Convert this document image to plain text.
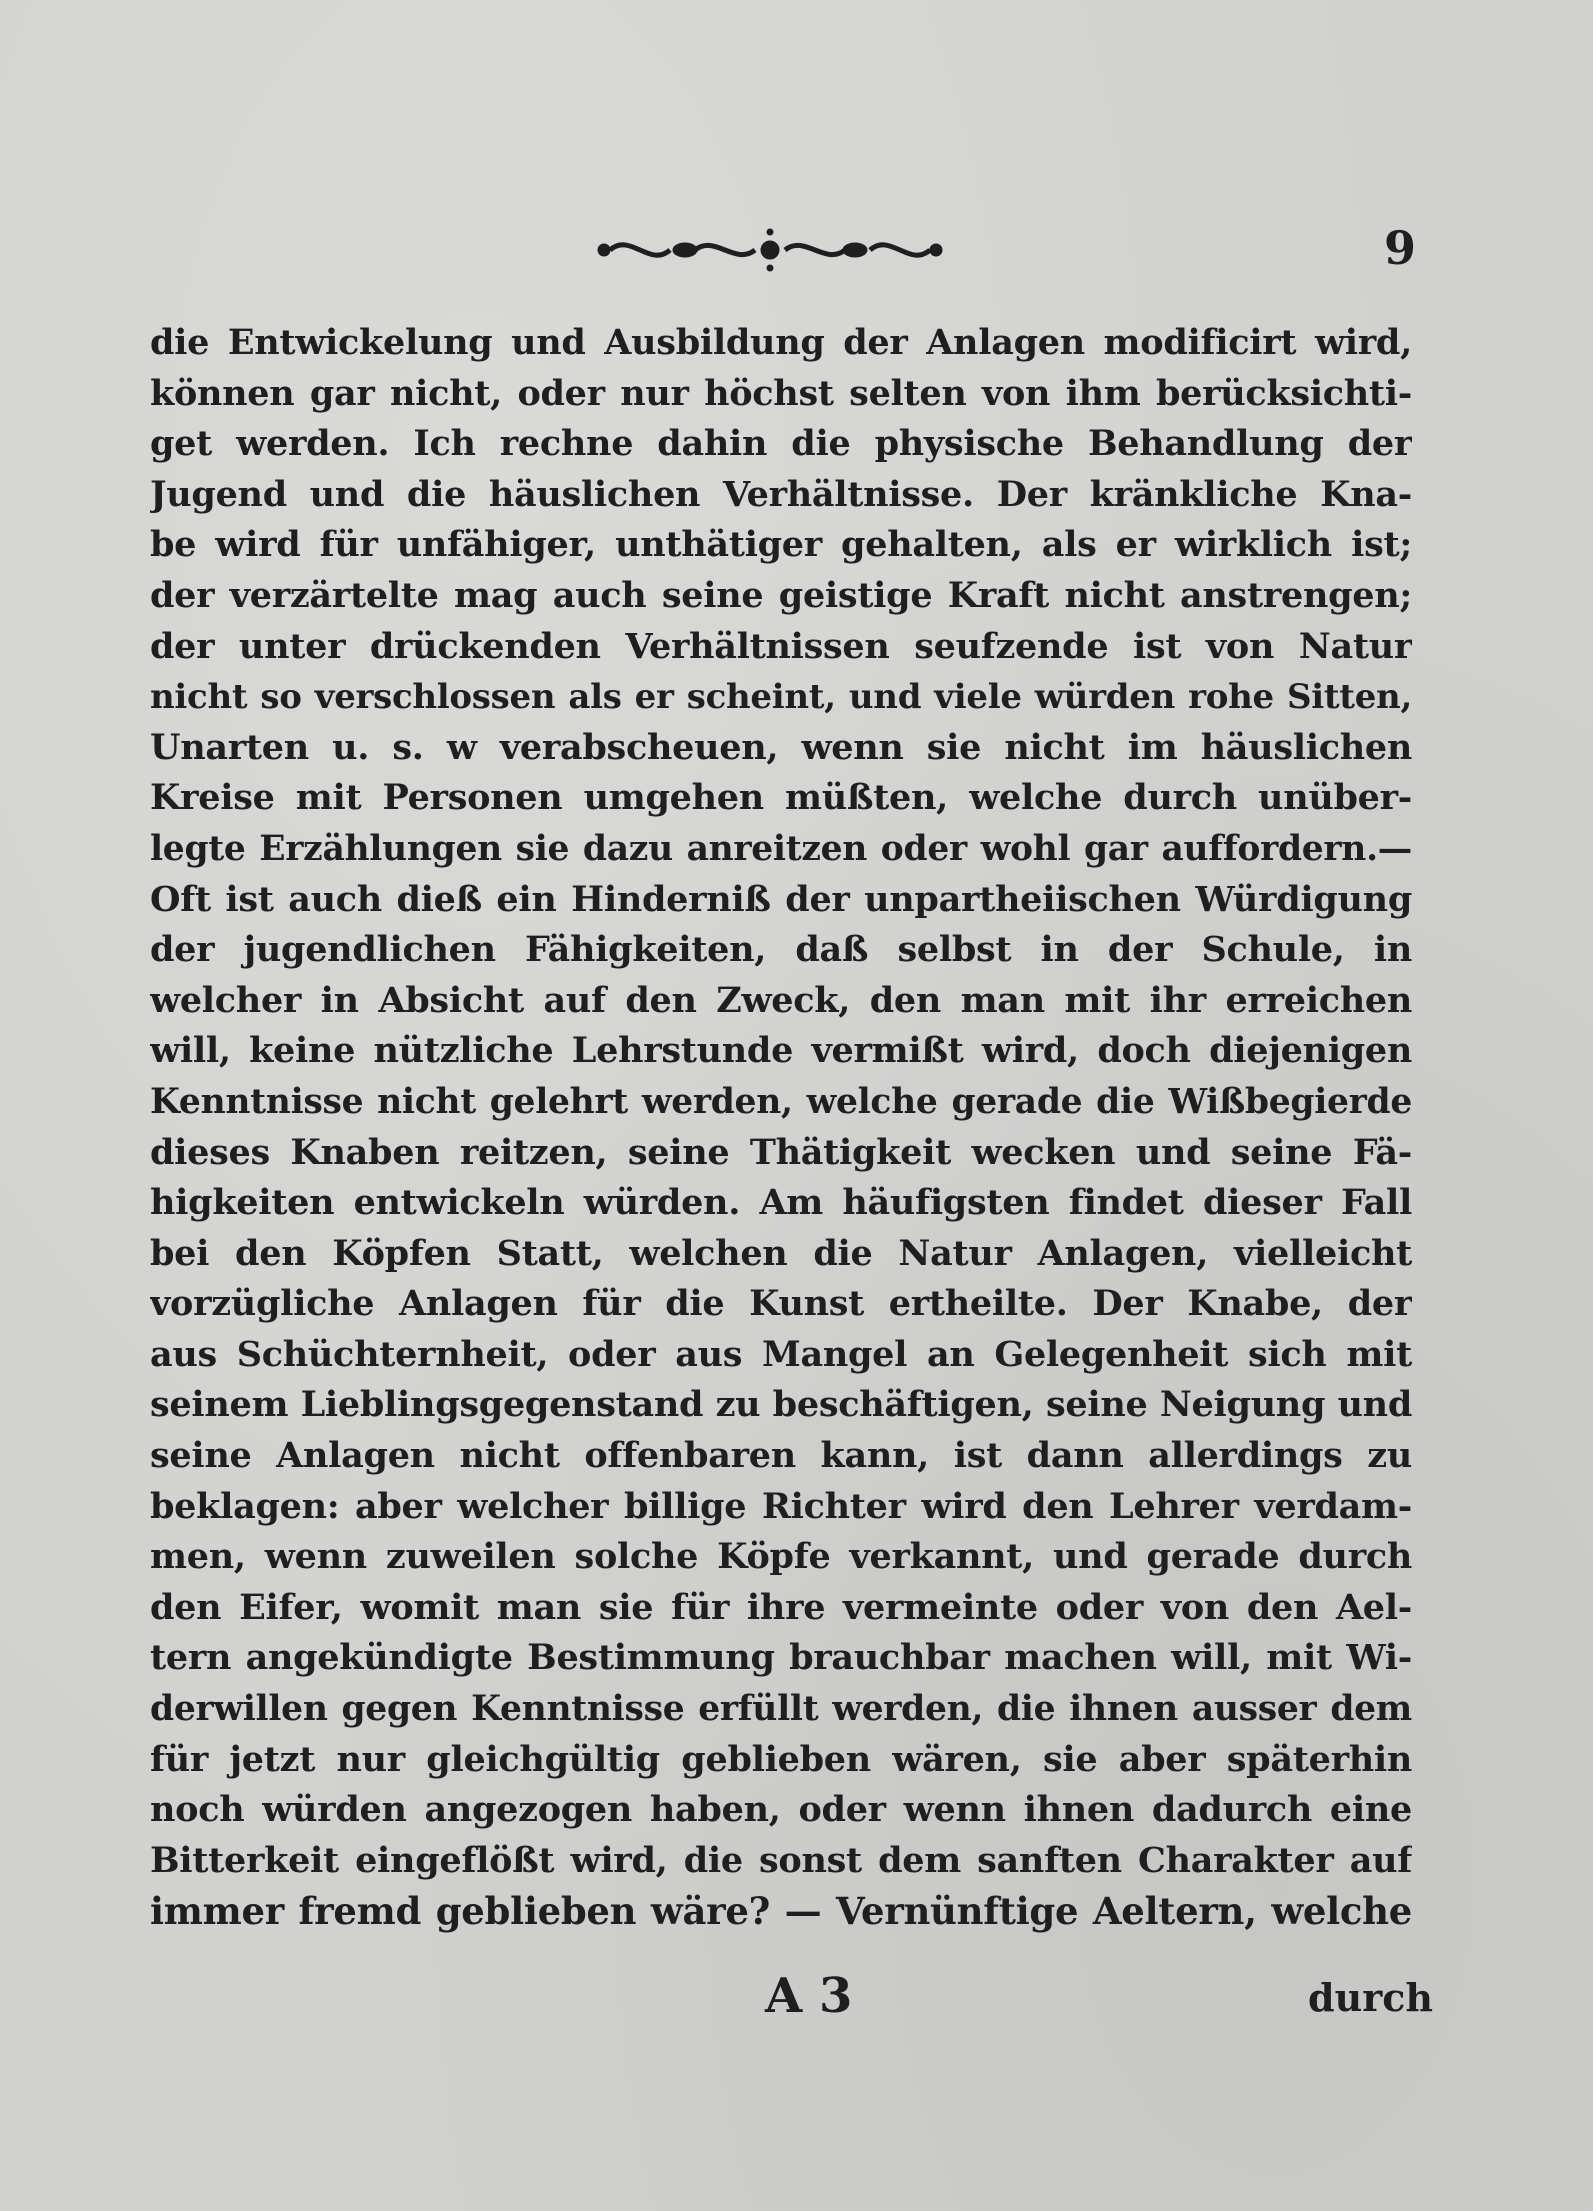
9
die Entwickelung und Ausbildung der Anlagen modificirt wird,
können gar nicht, oder nur höchst selten von ihm berücksichti-
get werden. Ich rechne dahin die physische Behandlung der
Jugend und die häuslichen Verhältnisse. Der kränkliche Kna-
be wird für unfähiger, unthätiger gehalten, als er wirklich ist;
der verzärtelte mag auch seine geistige Kraft nicht anstrengen;
der unter drückenden Verhältnissen seufzende ist von Natur
nicht so verschlossen als er scheint, und viele würden rohe Sitten,
Unarten u. s. w verabscheuen, wenn sie nicht im häuslichen
Kreise mit Personen umgehen müßten, welche durch unüber-
legte Erzählungen sie dazu anreitzen oder wohl gar auffordern.—
Oft ist auch dieß ein Hinderniß der unpartheiischen Würdigung
der jugendlichen Fähigkeiten, daß selbst in der Schule, in
welcher in Absicht auf den Zweck, den man mit ihr erreichen
will, keine nützliche Lehrstunde vermißt wird, doch diejenigen
Kenntnisse nicht gelehrt werden, welche gerade die Wißbegierde
dieses Knaben reitzen, seine Thätigkeit wecken und seine Fä-
higkeiten entwickeln würden. Am häufigsten findet dieser Fall
bei den Köpfen Statt, welchen die Natur Anlagen, vielleicht
vorzügliche Anlagen für die Kunst ertheilte. Der Knabe, der
aus Schüchternheit, oder aus Mangel an Gelegenheit sich mit
seinem Lieblingsgegenstand zu beschäftigen, seine Neigung und
seine Anlagen nicht offenbaren kann, ist dann allerdings zu
beklagen: aber welcher billige Richter wird den Lehrer verdam-
men, wenn zuweilen solche Köpfe verkannt, und gerade durch
den Eifer, womit man sie für ihre vermeinte oder von den Ael-
tern angekündigte Bestimmung brauchbar machen will, mit Wi-
derwillen gegen Kenntnisse erfüllt werden, die ihnen ausser dem
für jetzt nur gleichgültig geblieben wären, sie aber späterhin
noch würden angezogen haben, oder wenn ihnen dadurch eine
Bitterkeit eingeflößt wird, die sonst dem sanften Charakter auf
immer fremd geblieben wäre? — Vernünftige Aeltern, welche
A 3	durch
